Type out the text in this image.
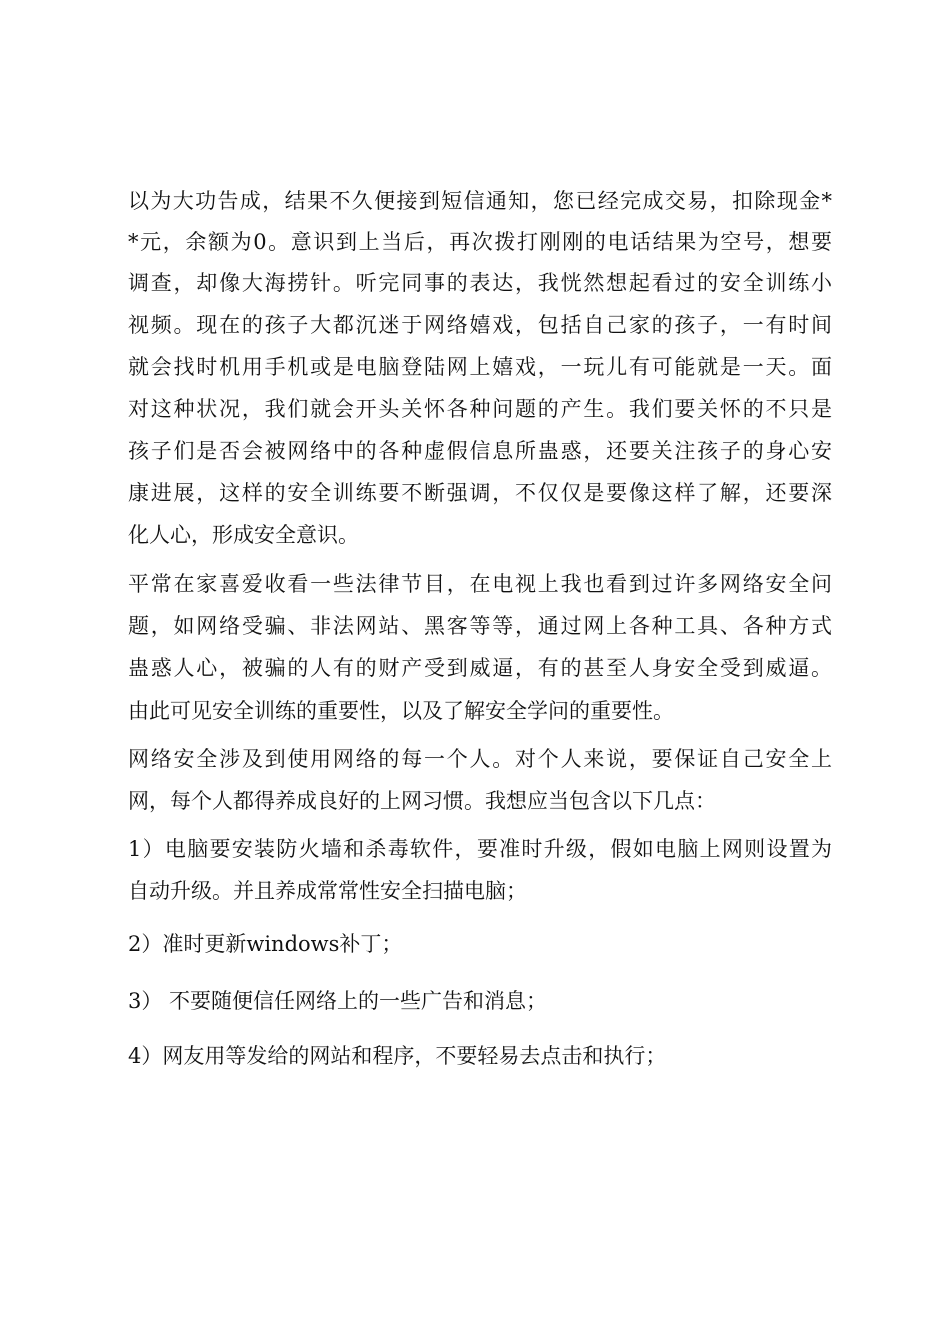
以为大功告成，结果不久便接到短信通知，您已经完成交易，扣除现金*
*元，余额为0。意识到上当后，再次拨打刚刚的电话结果为空号，想要
调查，却像大海捞针。听完同事的表达，我恍然想起看过的安全训练小
视频。现在的孩子大都沉迷于网络嬉戏，包括自己家的孩子，一有时间
就会找时机用手机或是电脑登陆网上嬉戏，一玩儿有可能就是一天。面
对这种状况，我们就会开头关怀各种问题的产生。我们要关怀的不只是
孩子们是否会被网络中的各种虚假信息所蛊惑，还要关注孩子的身心安
康进展，这样的安全训练要不断强调，不仅仅是要像这样了解，还要深
化人心，形成安全意识。
平常在家喜爱收看一些法律节目，在电视上我也看到过许多网络安全问
题，如网络受骗、非法网站、黑客等等，通过网上各种工具、各种方式
蛊惑人心，被骗的人有的财产受到威逼，有的甚至人身安全受到威逼。
由此可见安全训练的重要性，以及了解安全学问的重要性。
网络安全涉及到使用网络的每一个人。对个人来说，要保证自己安全上
网，每个人都得养成良好的上网习惯。我想应当包含以下几点：
1）电脑要安装防火墙和杀毒软件，要准时升级，假如电脑上网则设置为
自动升级。并且养成常常性安全扫描电脑；
2）准时更新windows补丁；
3） 不要随便信任网络上的一些广告和消息；
4）网友用等发给的网站和程序，不要轻易去点击和执行；
